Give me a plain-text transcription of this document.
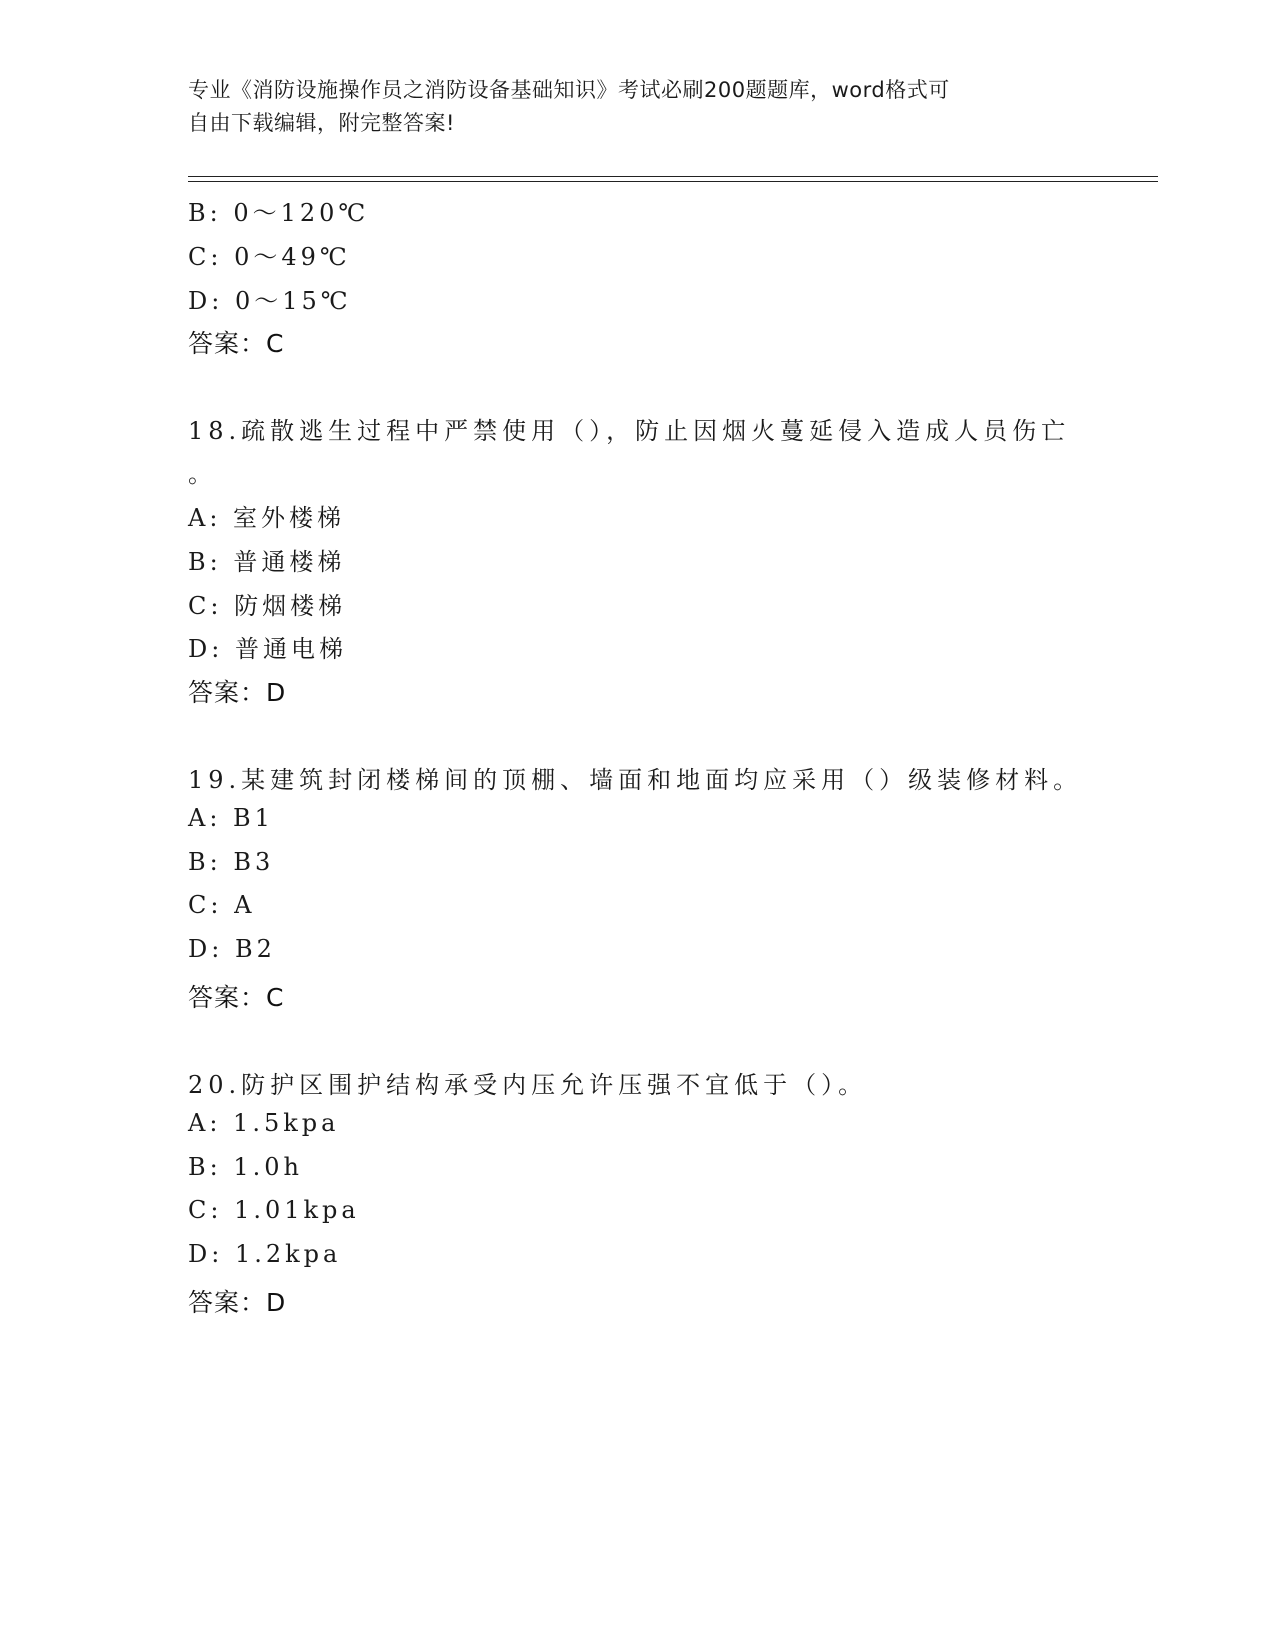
专业《消防设施操作员之消防设备基础知识》考试必刷200题题库，word格式可
自由下载编辑，附完整答案!
B: 0～120℃
C: 0～49℃
D: 0～15℃
答案：C
18.疏散逃生过程中严禁使用（），防止因烟火蔓延侵入造成人员伤亡
。
A: 室外楼梯
B: 普通楼梯
C: 防烟楼梯
D: 普通电梯
答案：D
19.某建筑封闭楼梯间的顶棚、墙面和地面均应采用（）级装修材料。
A: B1
B: B3
C: A
D: B2
答案：C
20.防护区围护结构承受内压允许压强不宜低于（）。
A: 1.5kpa
B: 1.0h
C: 1.01kpa
D: 1.2kpa
答案：D
